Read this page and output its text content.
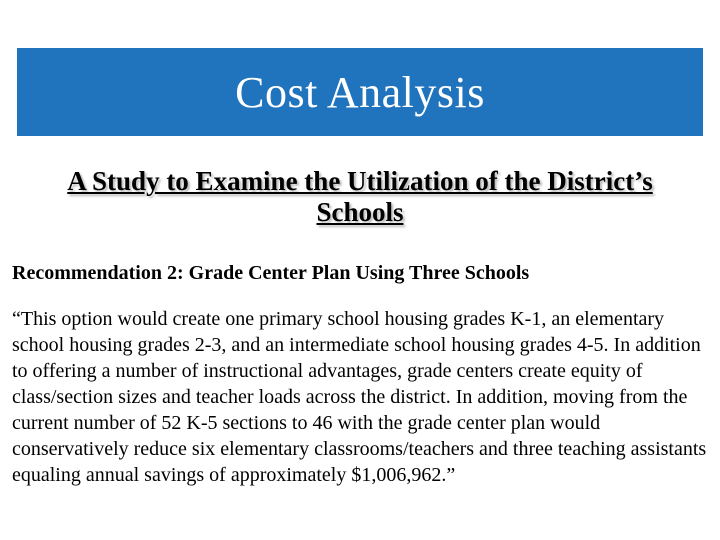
Cost Analysis
A Study to Examine the Utilization of the District’s Schools
Recommendation 2: Grade Center Plan Using Three Schools
“This option would create one primary school housing grades K-1, an elementary school housing grades 2-3, and an intermediate school housing grades 4-5. In addition to offering a number of instructional advantages, grade centers create equity of class/section sizes and teacher loads across the district. In addition, moving from the current number of 52 K-5 sections to 46 with the grade center plan would conservatively reduce six elementary classrooms/teachers and three teaching assistants equaling annual savings of approximately $1,006,962.”
